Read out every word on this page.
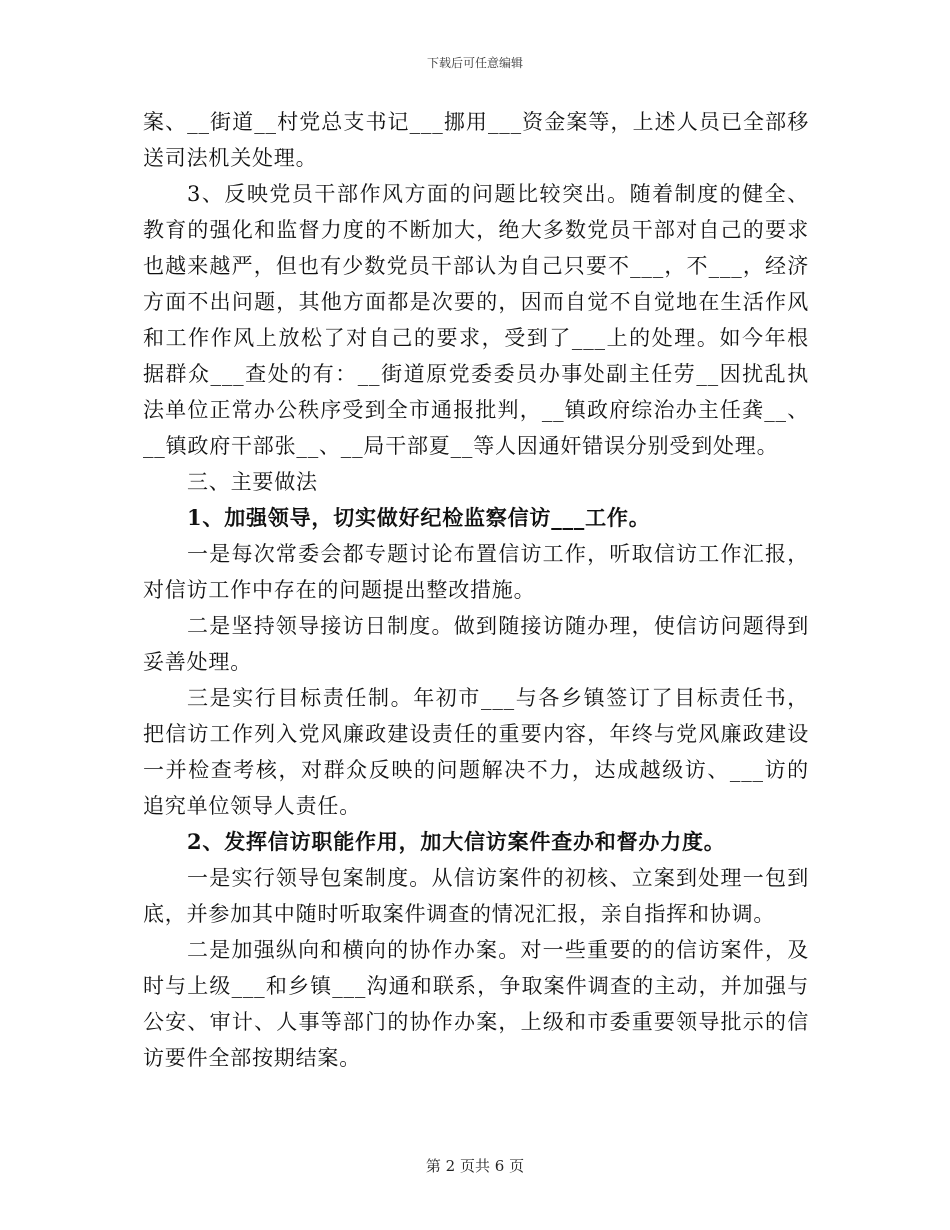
下载后可任意编辑

案、__街道__村党总支书记___挪用___资金案等，上述人员已全部移送司法机关处理。

3、反映党员干部作风方面的问题比较突出。随着制度的健全、教育的强化和监督力度的不断加大，绝大多数党员干部对自己的要求也越来越严，但也有少数党员干部认为自己只要不___，不___，经济方面不出问题，其他方面都是次要的，因而自觉不自觉地在生活作风和工作作风上放松了对自己的要求，受到了___上的处理。如今年根据群众___查处的有：__街道原党委委员办事处副主任劳__因扰乱执法单位正常办公秩序受到全市通报批判，__镇政府综治办主任龚__、__镇政府干部张__、__局干部夏__等人因通奸错误分别受到处理。

三、主要做法

1、加强领导，切实做好纪检监察信访___工作。

一是每次常委会都专题讨论布置信访工作，听取信访工作汇报，对信访工作中存在的问题提出整改措施。

二是坚持领导接访日制度。做到随接访随办理，使信访问题得到妥善处理。

三是实行目标责任制。年初市___与各乡镇签订了目标责任书，把信访工作列入党风廉政建设责任的重要内容，年终与党风廉政建设一并检查考核，对群众反映的问题解决不力，达成越级访、___访的追究单位领导人责任。

2、发挥信访职能作用，加大信访案件查办和督办力度。

一是实行领导包案制度。从信访案件的初核、立案到处理一包到底，并参加其中随时听取案件调查的情况汇报，亲自指挥和协调。

二是加强纵向和横向的协作办案。对一些重要的的信访案件，及时与上级___和乡镇___沟通和联系，争取案件调查的主动，并加强与公安、审计、人事等部门的协作办案，上级和市委重要领导批示的信访要件全部按期结案。

第 2 页共 6 页
